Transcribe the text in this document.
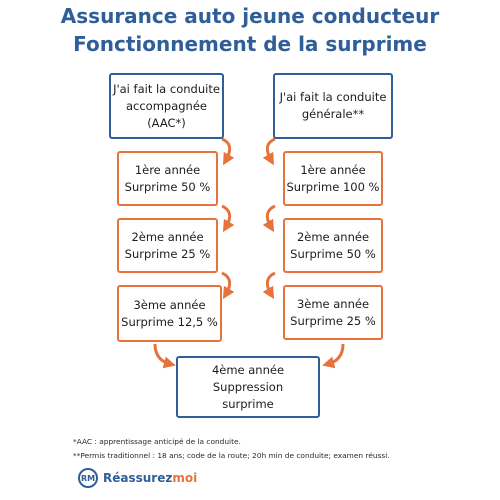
Assurance auto jeune conducteur
Fonctionnement de la surprime
J'ai fait la conduite
accompagnée
(AAC*)
1ère année
Surprime 50 %
2ème année
Surprime 25 %
3ème année
Surprime 12,5 %
J'ai fait la conduite
générale**
1ère année
Surprime 100 %
2ème année
Surprime 50 %
3ème année
Surprime 25 %
4ème année
Suppression
surprime
*AAC : apprentissage anticipé de la conduite.
**Permis traditionnel : 18 ans; code de la route; 20h min de conduite; examen réussi.
RM Réassurez moi
